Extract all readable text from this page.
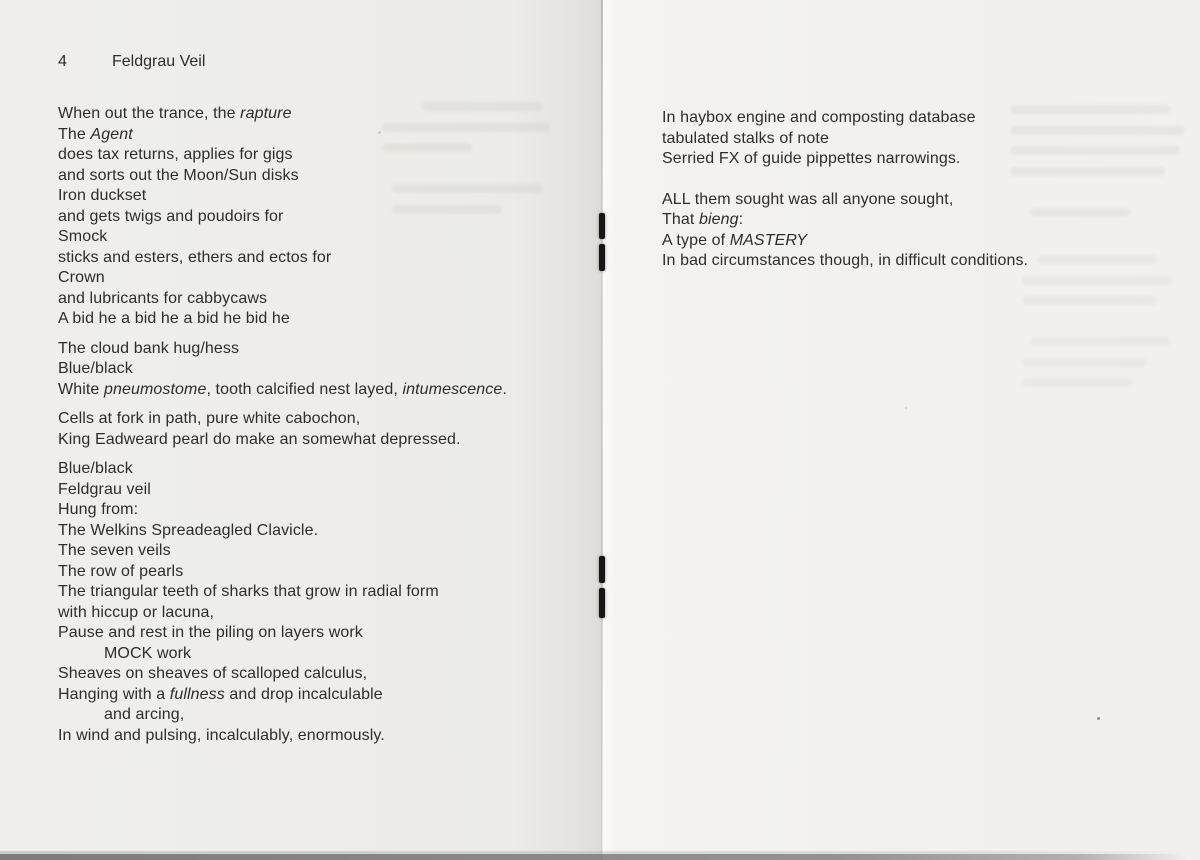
4	Feldgrau Veil
When out the trance, the rapture
The Agent
does tax returns, applies for gigs
and sorts out the Moon/Sun disks
Iron duckset
and gets twigs and poudoirs for
Smock
sticks and esters, ethers and ectos for
Crown
and lubricants for cabbycaws
A bid he a bid he a bid he bid he
The cloud bank hug/hess
Blue/black
White pneumostome, tooth calcified nest layed, intumescence.
Cells at fork in path, pure white cabochon,
King Eadweard pearl do make an somewhat depressed.
Blue/black
Feldgrau veil
Hung from:
The Welkins Spreadeagled Clavicle.
The seven veils
The row of pearls
The triangular teeth of sharks that grow in radial form
with hiccup or lacuna,
Pause and rest in the piling on layers work
MOCK work
Sheaves on sheaves of scalloped calculus,
Hanging with a fullness and drop incalculable
and arcing,
In wind and pulsing, incalculably, enormously.
In haybox engine and composting database
tabulated stalks of note
Serried FX of guide pippettes narrowings.
ALL them sought was all anyone sought,
That bieng:
A type of MASTERY
In bad circumstances though, in difficult conditions.
